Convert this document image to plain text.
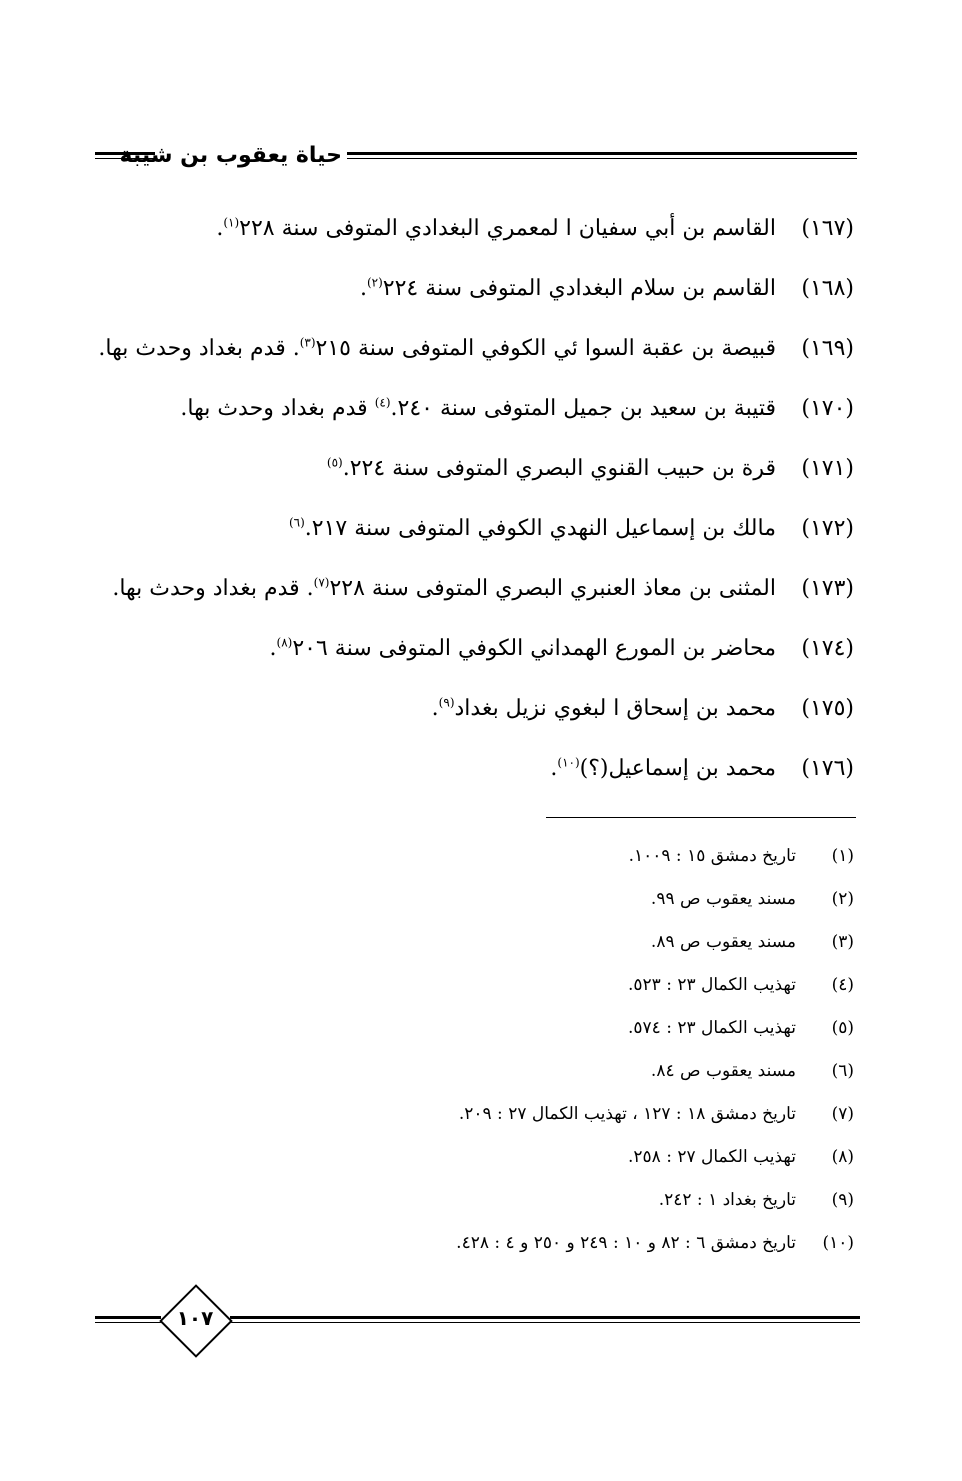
حياة يعقوب بن شيبة
(١٦٧)القاسم بن أبي سفيان ا لمعمري البغدادي المتوفى سنة ٢٢٨$^{(١)}$.
(١٦٨)القاسم بن سلام البغدادي المتوفى سنة ٢٢٤$^{(٢)}$.
(١٦٩)قبيصة بن عقبة السوا ئي الكوفي المتوفى سنة ٢١٥$^{(٣)}$. قدم بغداد وحدث بها.
(١٧٠)قتيبة بن سعيد بن جميل المتوفى سنة ٢٤٠.$^{(٤)}$ قدم بغداد وحدث بها.
(١٧١)قرة بن حبيب القنوي البصري المتوفى سنة ٢٢٤.$^{(٥)}$
(١٧٢)مالك بن إسماعيل النهدي الكوفي المتوفى سنة ٢١٧.$^{(٦)}$
(١٧٣)المثنى بن معاذ العنبري البصري المتوفى سنة ٢٢٨$^{(٧)}$. قدم بغداد وحدث بها.
(١٧٤)محاضر بن المورع الهمداني الكوفي المتوفى سنة ٢٠٦$^{(٨)}$.
(١٧٥)محمد بن إسحاق ا لبغوي نزيل بغداد$^{(٩)}$.
(١٧٦)محمد بن إسماعيل(؟)$^{(١٠)}$.
(١)تاريخ دمشق ١٥ : ١٠٠٩.
(٢)مسند يعقوب ص ٩٩.
(٣)مسند يعقوب ص ٨٩.
(٤)تهذيب الكمال ٢٣ : ٥٢٣.
(٥)تهذيب الكمال ٢٣ : ٥٧٤.
(٦)مسند يعقوب ص ٨٤.
(٧)تاريخ دمشق ١٨ : ١٢٧ ، تهذيب الكمال ٢٧ : ٢٠٩.
(٨)تهذيب الكمال ٢٧ : ٢٥٨.
(٩)تاريخ بغداد ١ : ٢٤٢.
(١٠)تاريخ دمشق ٦ : ٨٢ و ١٠ : ٢٤٩ و ٢٥٠ و ٤ : ٤٢٨.
١٠٧
